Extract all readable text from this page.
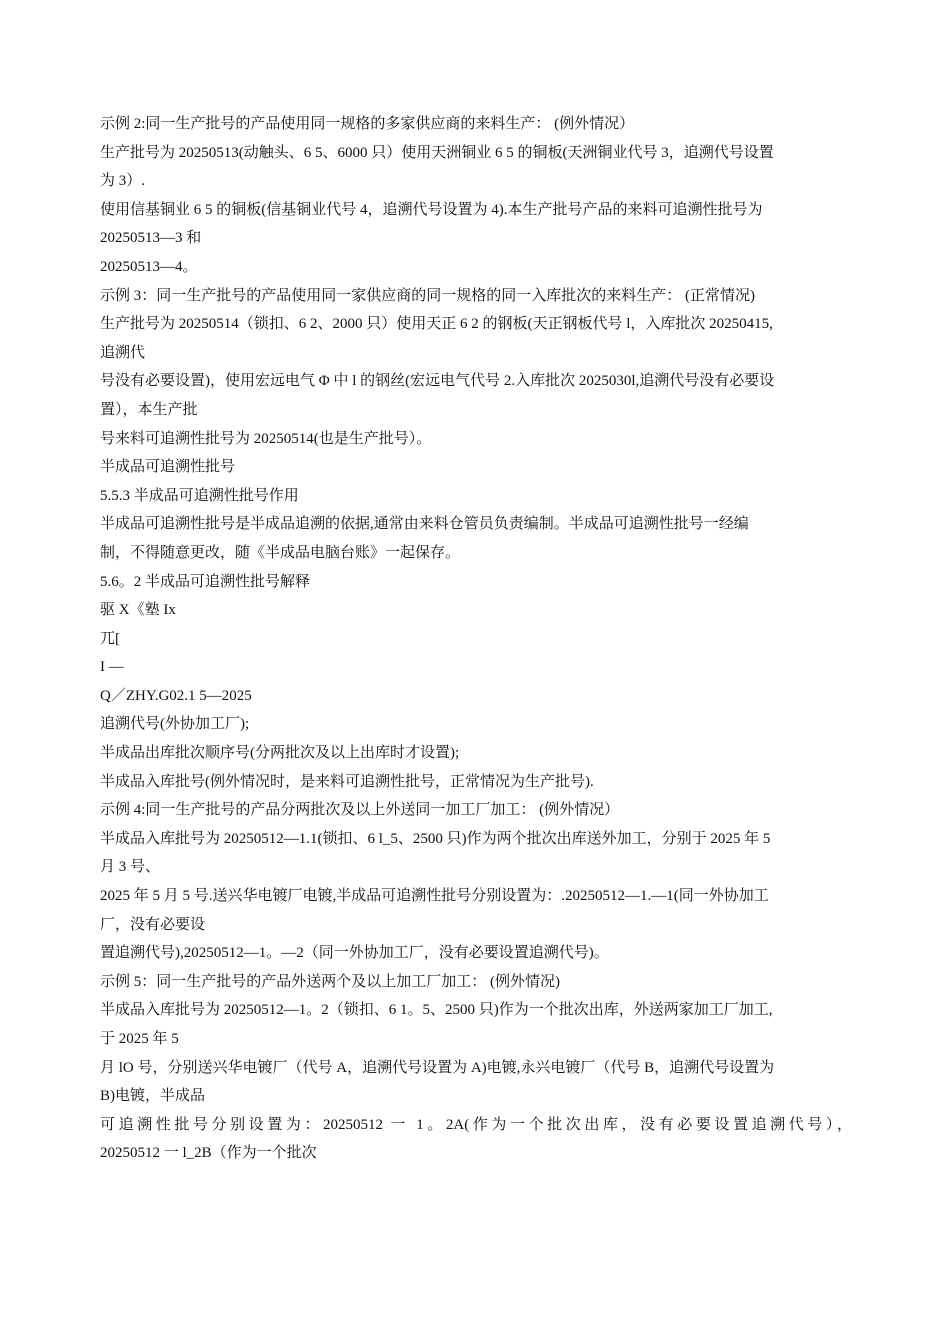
示例 2:同一生产批号的产品使用同一规格的多家供应商的来料生产： (例外情况）
生产批号为 20250513(动触头、6 5、6000 只）使用天洲铜业 6 5 的铜板(天洲铜业代号 3，追溯代号设置
为 3）.
使用信基铜业 6 5 的铜板(信基铜业代号 4，追溯代号设置为 4).本生产批号产品的来料可追溯性批号为
20250513—3 和
20250513—4。
示例 3：同一生产批号的产品使用同一家供应商的同一规格的同一入库批次的来料生产： (正常情况)
生产批号为 20250514（锁扣、6 2、2000 只）使用天正 6 2 的钢板(天正钢板代号 l，入库批次 20250415,
追溯代
号没有必要设置)，使用宏远电气 Φ 中 l 的钢丝(宏远电气代号 2.入库批次 2025030l,追溯代号没有必要设
置），本生产批
号来料可追溯性批号为 20250514(也是生产批号）。
半成品可追溯性批号
5.5.3 半成品可追溯性批号作用
半成品可追溯性批号是半成品追溯的依据,通常由来料仓管员负责编制。半成品可追溯性批号一经编
制，不得随意更改，随《半成品电脑台账》一起保存。
5.6。2 半成品可追溯性批号解释
驱 X《塾 Ix
兀[
I —
Q／ZHY.G02.1 5—2025
追溯代号(外协加工厂);
半成品出库批次顺序号(分两批次及以上出库时才设置);
半成品入库批号(例外情况时，是来料可追溯性批号，正常情况为生产批号).
示例 4:同一生产批号的产品分两批次及以上外送同一加工厂加工： (例外情况）
半成品入库批号为 20250512—1.1(锁扣、6 l_5、2500 只)作为两个批次出库送外加工，分别于 2025 年 5
月 3 号、
2025 年 5 月 5 号.送兴华电镀厂电镀,半成品可追溯性批号分别设置为：.20250512—1.—1(同一外协加工
厂，没有必要设
置追溯代号),20250512—1。—2（同一外协加工厂，没有必要设置追溯代号)。
示例 5：同一生产批号的产品外送两个及以上加工厂加工： (例外情况)
半成品入库批号为 20250512—1。2（锁扣、6 1。5、2500 只)作为一个批次出库，外送两家加工厂加工,
于 2025 年 5
月 lO 号，分别送兴华电镀厂（代号 A，追溯代号设置为 A)电镀,永兴电镀厂（代号 B，追溯代号设置为
B)电镀，半成品
可追溯性批号分别设置为：20250512 一 1。2A(作为一个批次出库，没有必要设置追溯代号），
20250512 一 l_2B（作为一个批次
